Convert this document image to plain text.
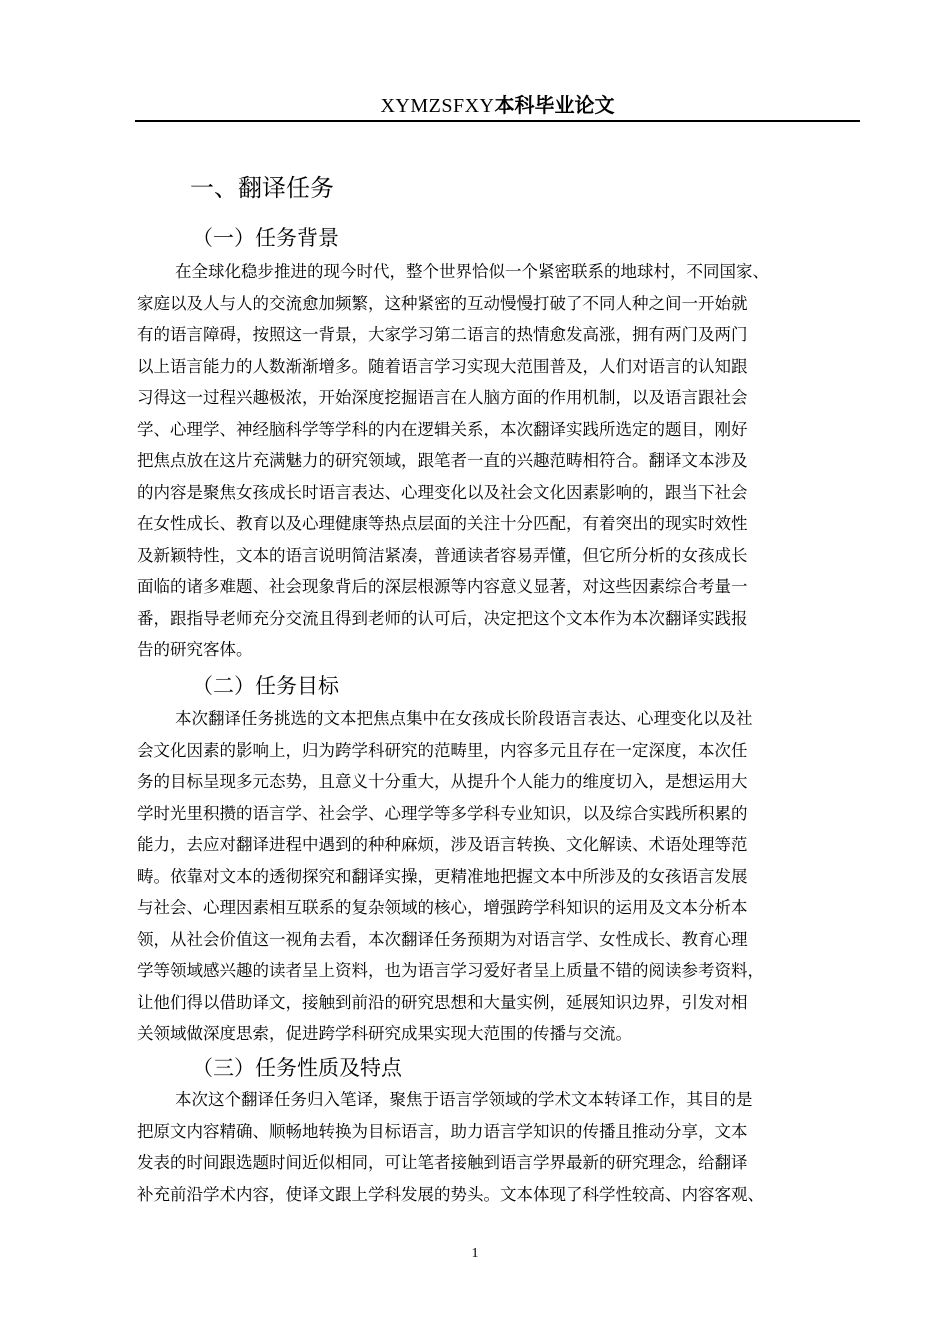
XYMZSFXY本科毕业论文
一、翻译任务
（一）任务背景
在全球化稳步推进的现今时代，整个世界恰似一个紧密联系的地球村，不同国家、
家庭以及人与人的交流愈加频繁，这种紧密的互动慢慢打破了不同人种之间一开始就
有的语言障碍，按照这一背景，大家学习第二语言的热情愈发高涨，拥有两门及两门
以上语言能力的人数渐渐增多。随着语言学习实现大范围普及，人们对语言的认知跟
习得这一过程兴趣极浓，开始深度挖掘语言在人脑方面的作用机制，以及语言跟社会
学、心理学、神经脑科学等学科的内在逻辑关系，本次翻译实践所选定的题目，刚好
把焦点放在这片充满魅力的研究领域，跟笔者一直的兴趣范畴相符合。翻译文本涉及
的内容是聚焦女孩成长时语言表达、心理变化以及社会文化因素影响的，跟当下社会
在女性成长、教育以及心理健康等热点层面的关注十分匹配，有着突出的现实时效性
及新颖特性，文本的语言说明简洁紧凑，普通读者容易弄懂，但它所分析的女孩成长
面临的诸多难题、社会现象背后的深层根源等内容意义显著，对这些因素综合考量一
番，跟指导老师充分交流且得到老师的认可后，决定把这个文本作为本次翻译实践报
告的研究客体。
（二）任务目标
本次翻译任务挑选的文本把焦点集中在女孩成长阶段语言表达、心理变化以及社
会文化因素的影响上，归为跨学科研究的范畴里，内容多元且存在一定深度，本次任
务的目标呈现多元态势，且意义十分重大，从提升个人能力的维度切入，是想运用大
学时光里积攒的语言学、社会学、心理学等多学科专业知识，以及综合实践所积累的
能力，去应对翻译进程中遇到的种种麻烦，涉及语言转换、文化解读、术语处理等范
畴。依靠对文本的透彻探究和翻译实操，更精准地把握文本中所涉及的女孩语言发展
与社会、心理因素相互联系的复杂领域的核心，增强跨学科知识的运用及文本分析本
领，从社会价值这一视角去看，本次翻译任务预期为对语言学、女性成长、教育心理
学等领域感兴趣的读者呈上资料，也为语言学习爱好者呈上质量不错的阅读参考资料，
让他们得以借助译文，接触到前沿的研究思想和大量实例，延展知识边界，引发对相
关领域做深度思索，促进跨学科研究成果实现大范围的传播与交流。
（三）任务性质及特点
本次这个翻译任务归入笔译，聚焦于语言学领域的学术文本转译工作，其目的是
把原文内容精确、顺畅地转换为目标语言，助力语言学知识的传播且推动分享，文本
发表的时间跟选题时间近似相同，可让笔者接触到语言学界最新的研究理念，给翻译
补充前沿学术内容，使译文跟上学科发展的势头。文本体现了科学性较高、内容客观、
1
